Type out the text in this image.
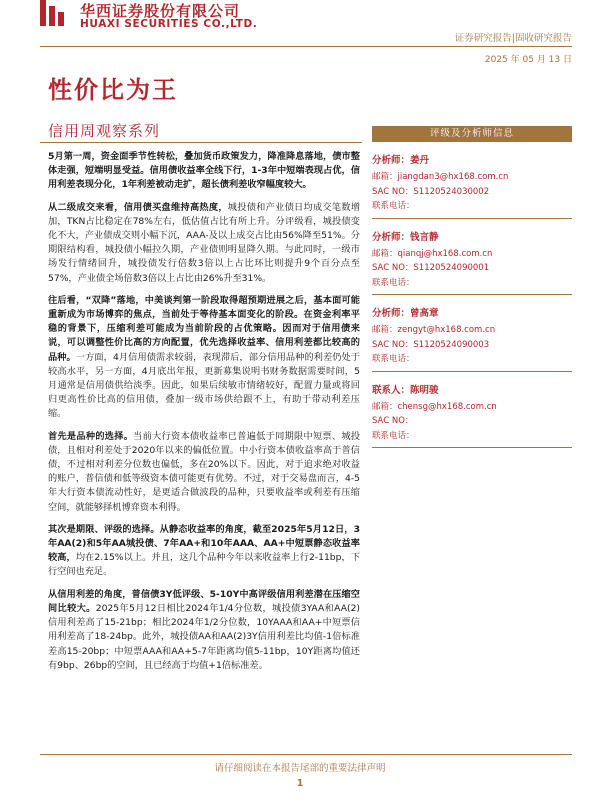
华西证券股份有限公司
HUAXI SECURITIES CO.,LTD.
证券研究报告|固收研究报告
2025 年 05 月 13 日
性价比为王
信用周观察系列

5月第一周，资金面季节性转松，叠加货币政策发力，降准降息落地，债市整体走强，短端明显受益。信用债收益率全线下行，1-3年中短端表现占优，信用利差表现分化，1年利差被动走扩，超长债利差收窄幅度较大。

从二级成交来看，信用债买盘维持高热度，城投债和产业债日均成交笔数增加，TKN占比稳定在78%左右，低估值占比有所上升。分评级看，城投债变化不大，产业债成交则小幅下沉，AAA-及以上成交占比由56%降至51%。分期限结构看，城投债小幅拉久期，产业债则明显降久期。与此同时，一级市场发行情绪回升，城投债发行倍数3倍以上占比环比则提升9个百分点至57%，产业债全场倍数3倍以上占比由26%升至31%。

往后看，“双降”落地，中美谈判第一阶段取得超预期进展之后，基本面可能重新成为市场博弈的焦点，当前处于等待基本面变化的阶段。在资金利率平稳的背景下，压缩利差可能成为当前阶段的占优策略。因而对于信用债来说，可以调整性价比高的方向配置，优先选择收益率、信用利差都比较高的品种。一方面，4月信用债需求较弱，表现滞后，部分信用品种的利差仍处于较高水平，另一方面，4月底出年报，更新募集说明书财务数据需要时间，5月通常是信用债供给淡季。因此，如果后续敏市情绪较好，配置力量或将回归更高性价比高的信用债，叠加一级市场供给跟不上，有助于带动利差压缩。

首先是品种的选择。当前大行资本债收益率已普遍低于同期限中短票、城投债，且相对利差处于2020年以来的偏低位置。中小行资本债收益率高于普信债，不过相对利差分位数也偏低，多在20%以下。因此，对于追求绝对收益的账户，普信债和低等级资本债可能更有优势。不过，对于交易盘而言，4-5年大行资本债流动性好，是更适合做波段的品种，只要收益率或利差有压缩空间，就能够择机博弈资本利得。

其次是期限、评级的选择。从静态收益率的角度，截至2025年5月12日，3年AA(2)和5年AA城投债、7年AA+和10年AAA、AA+中短票静态收益率较高，均在2.15%以上。并且，这几个品种今年以来收益率上行2-11bp，下行空间也充足。

从信用利差的角度，普信债3Y低评级、5-10Y中高评级信用利差潜在压缩空间比较大。2025年5月12日相比2024年1/4分位数，城投债3YAA和AA(2)信用利差高了15-21bp；相比2024年1/2分位数，10YAAA和AA+中短票信用利差高了18-24bp。此外，城投债AA和AA(2)3Y信用利差比均值-1倍标准差高15-20bp；中短票AAA和AA+5-7年距离均值5-11bp，10Y距离均值还有9bp、26bp的空间，且已经高于均值+1倍标准差。

评级及分析师信息
分析师：姜丹
邮箱：jiangdan3@hx168.com.cn
SAC NO：S1120524030002
联系电话：
分析师：钱言静
邮箱：qianqj@hx168.com.cn
SAC NO：S1120524090001
联系电话：
分析师：曾高章
邮箱：zengyt@hx168.com.cn
SAC NO：S1120524090003
联系电话：
联系人：陈明骏
邮箱：chensg@hx168.com.cn
SAC NO：
联系电话：
请仔细阅读在本报告尾部的重要法律声明
1
